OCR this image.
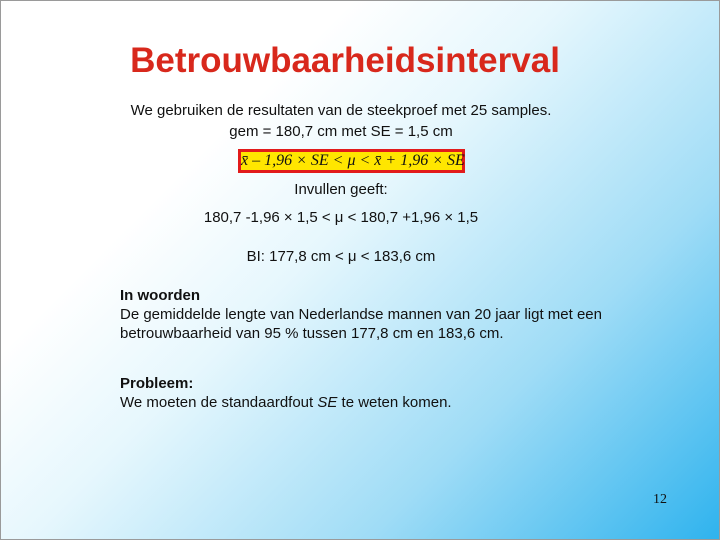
Betrouwbaarheidsinterval
We gebruiken de resultaten van de steekproef met 25 samples.
gem = 180,7 cm met SE = 1,5 cm
x̄ – 1,96 × SE < μ < x̄ + 1,96 × SE
Invullen geeft:
180,7 -1,96 × 1,5 < μ < 180,7 +1,96 × 1,5
BI: 177,8 cm < μ < 183,6 cm
In woorden
De gemiddelde lengte van Nederlandse mannen van 20 jaar ligt met een
betrouwbaarheid van 95 % tussen 177,8 cm en 183,6 cm.
Probleem:
We moeten de standaardfout SE te weten komen.
12
